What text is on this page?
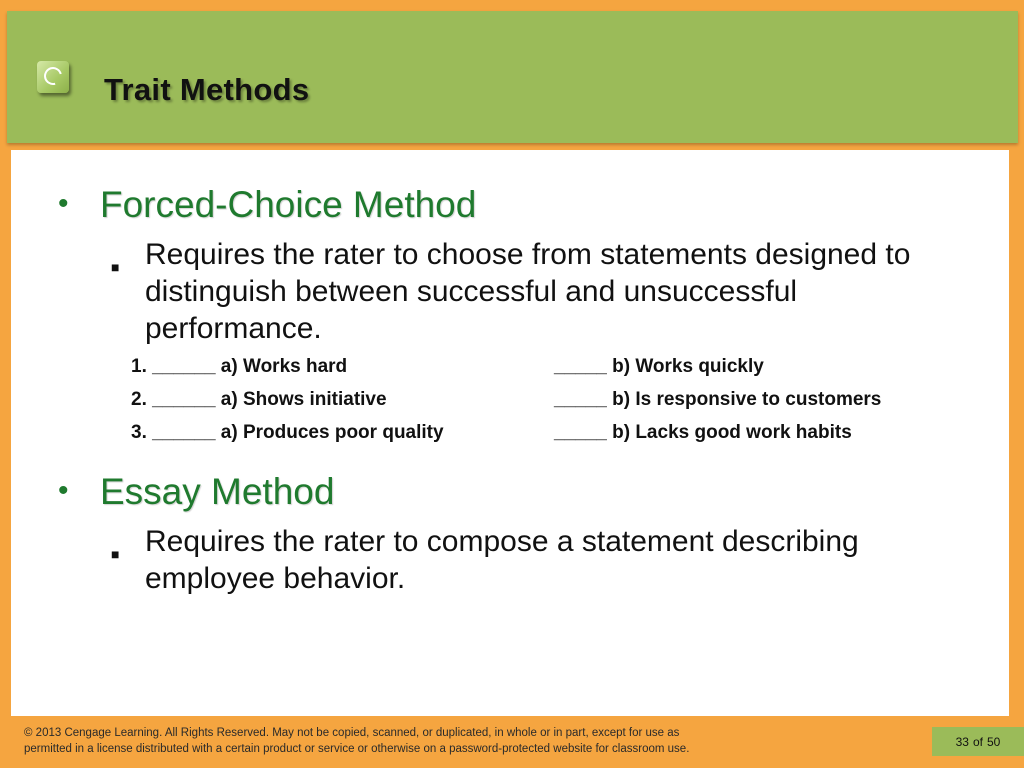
Trait Methods
• Forced-Choice Method
■ Requires the rater to choose from statements designed to distinguish between successful and unsuccessful performance.
1. ______ a) Works hard	_____ b) Works quickly
2. ______ a) Shows initiative	_____ b) Is responsive to customers
3. ______ a) Produces poor quality	_____ b) Lacks good work habits
• Essay Method
■ Requires the rater to compose a statement describing employee behavior.
© 2013 Cengage Learning. All Rights Reserved. May not be copied, scanned, or duplicated, in whole or in part, except for use as
permitted in a license distributed with a certain product or service or otherwise on a password-protected website for classroom use.
33 of 50
